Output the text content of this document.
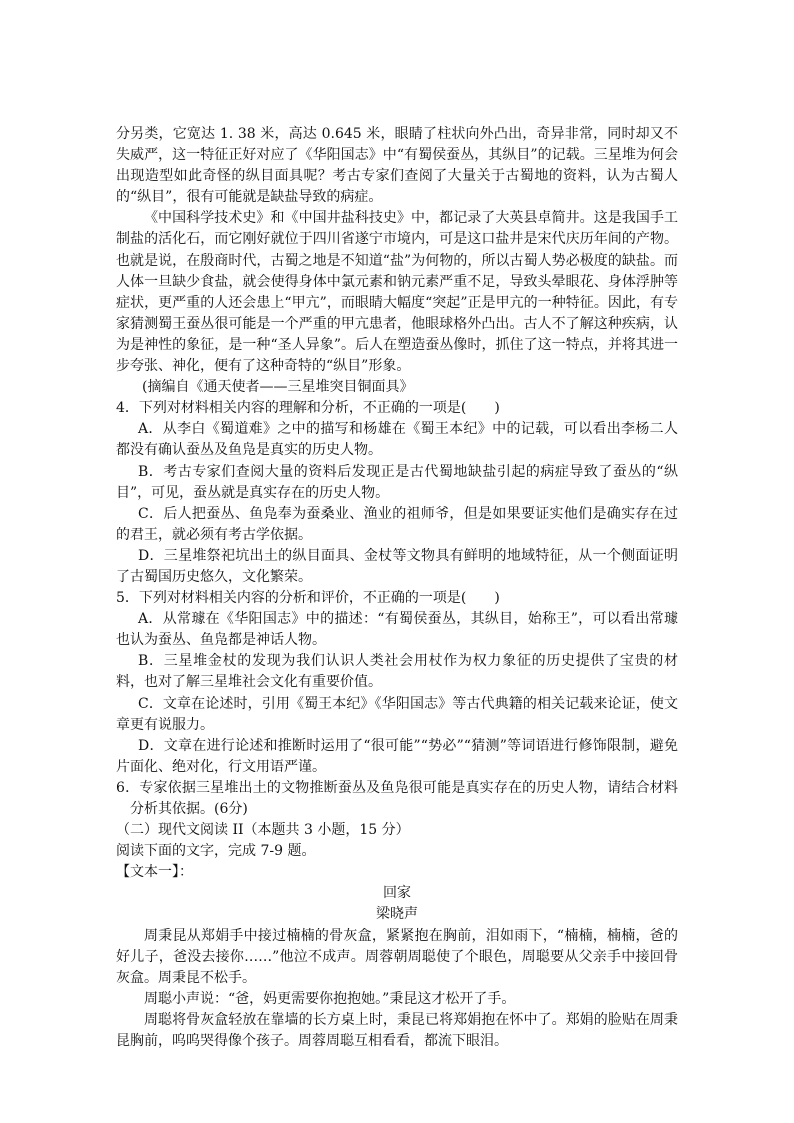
分另类，它宽达 1. 38 米，高达 0.645 米，眼睛了柱状向外凸出，奇异非常，同时却又不失威严，这一特征正好对应了《华阳国志》中“有蜀侯蚕丛，其纵目”的记载。三星堆为何会出现造型如此奇怪的纵目面具呢？考古专家们查阅了大量关于古蜀地的资料，认为古蜀人的“纵目”，很有可能就是缺盐导致的病症。

《中国科学技术史》和《中国井盐科技史》中，都记录了大英县卓简井。这是我国手工制盐的活化石，而它刚好就位于四川省遂宁市境内，可是这口盐井是宋代庆历年间的产物。也就是说，在殷商时代，古蜀之地是不知道“盐”为何物的，所以古蜀人势必极度的缺盐。而人体一旦缺少食盐，就会使得身体中氯元素和钠元素严重不足，导致头晕眼花、身体浮肿等症状，更严重的人还会患上“甲亢”，而眼睛大幅度“突起”正是甲亢的一种特征。因此，有专家猜测蜀王蚕丛很可能是一个严重的甲亢患者，他眼球格外凸出。古人不了解这种疾病，认为是神性的象征，是一种“圣人异象”。后人在塑造蚕丛像时，抓住了这一特点，并将其进一步夸张、神化，便有了这种奇特的“纵目”形象。

(摘编自《通天使者——三星堆突目铜面具》

4．下列对材料相关内容的理解和分析，不正确的一项是(　　)

A．从李白《蜀道难》之中的描写和杨雄在《蜀王本纪》中的记载，可以看出李杨二人都没有确认蚕丛及鱼凫是真实的历史人物。

B．考古专家们查阅大量的资料后发现正是古代蜀地缺盐引起的病症导致了蚕丛的“纵目”，可见，蚕丛就是真实存在的历史人物。

C．后人把蚕丛、鱼凫奉为蚕桑业、渔业的祖师爷，但是如果要证实他们是确实存在过的君王，就必须有考古学依据。

D．三星堆祭祀坑出土的纵目面具、金杖等文物具有鲜明的地域特征，从一个侧面证明了古蜀国历史悠久，文化繁荣。

5．下列对材料相关内容的分析和评价，不正确的一项是(　　)

A．从常璩在《华阳国志》中的描述：“有蜀侯蚕丛，其纵目，始称王”，可以看出常璩也认为蚕丛、鱼凫都是神话人物。

B．三星堆金杖的发现为我们认识人类社会用杖作为权力象征的历史提供了宝贵的材料，也对了解三星堆社会文化有重要价值。

C．文章在论述时，引用《蜀王本纪》《华阳国志》等古代典籍的相关记载来论证，使文章更有说服力。

D．文章在进行论述和推断时运用了“很可能”“势必”“猜测”等词语进行修饰限制，避免片面化、绝对化，行文用语严谨。

6．专家依据三星堆出土的文物推断蚕丛及鱼凫很可能是真实存在的历史人物，请结合材料分析其依据。(6分)

（二）现代文阅读 II（本题共 3 小题，15 分）

阅读下面的文字，完成 7-9 题。

【文本一】：

回家

梁晓声

周秉昆从郑娟手中接过楠楠的骨灰盒，紧紧抱在胸前，泪如雨下，“楠楠，楠楠，爸的好儿子，爸没去接你……”他泣不成声。周蓉朝周聪使了个眼色，周聪要从父亲手中接回骨灰盒。周秉昆不松手。

周聪小声说：“爸，妈更需要你抱抱她。”秉昆这才松开了手。

周聪将骨灰盒轻放在靠墙的长方桌上时，秉昆已将郑娟抱在怀中了。郑娟的脸贴在周秉昆胸前，呜呜哭得像个孩子。周蓉周聪互相看看，都流下眼泪。
